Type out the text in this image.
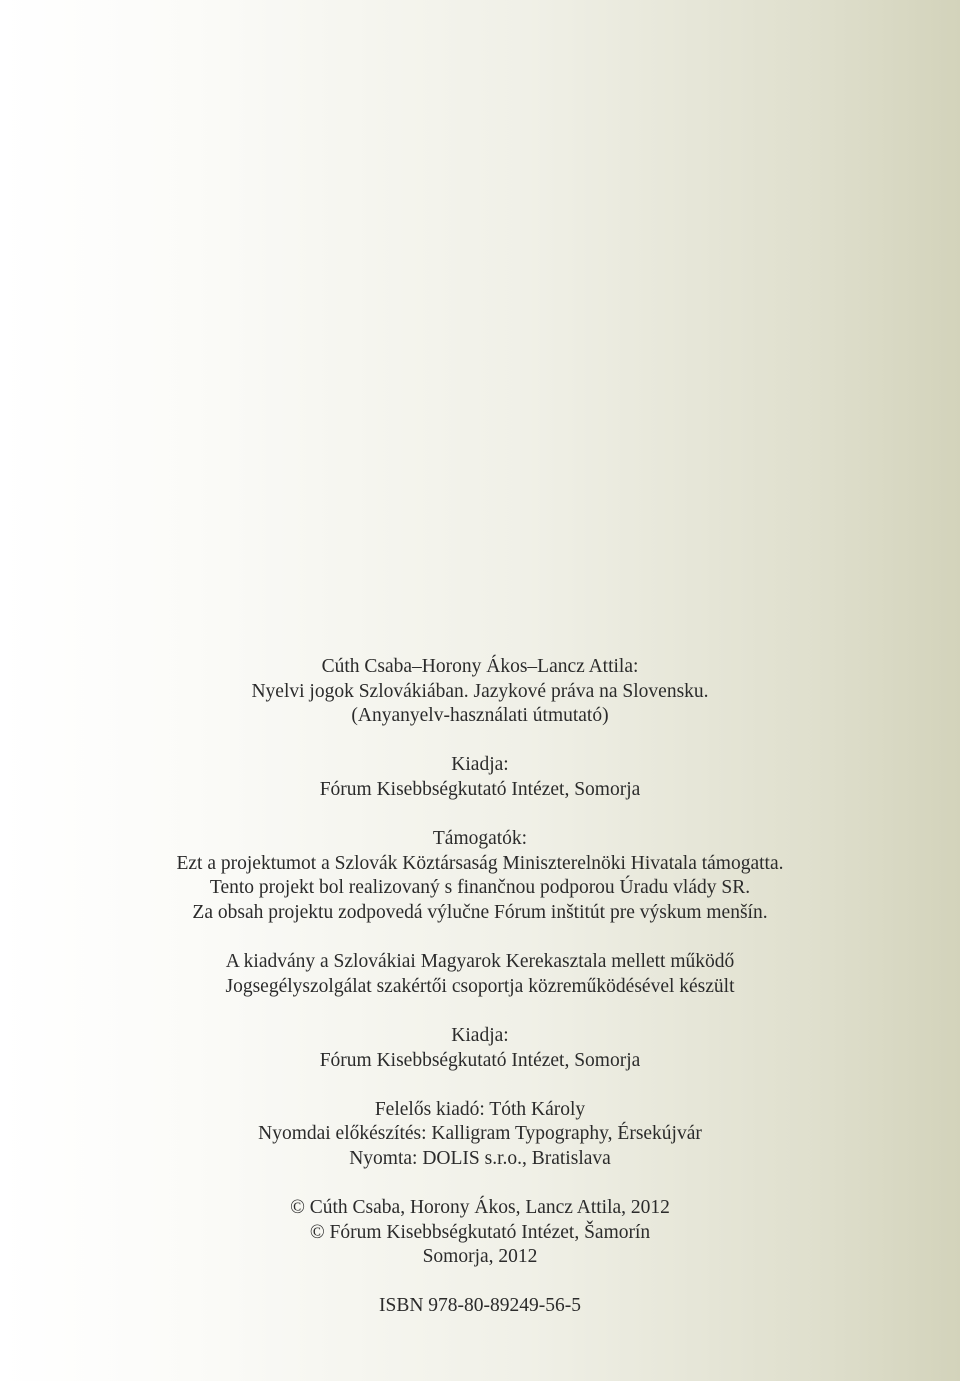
Cúth Csaba–Horony Ákos–Lancz Attila:
Nyelvi jogok Szlovákiában. Jazykové práva na Slovensku.
(Anyanyelv-használati útmutató)
Kiadja:
Fórum Kisebbségkutató Intézet, Somorja
Támogatók:
Ezt a projektumot a Szlovák Köztársaság Miniszterelnöki Hivatala támogatta.
Tento projekt bol realizovaný s finančnou podporou Úradu vlády SR.
Za obsah projektu zodpovedá výlučne Fórum inštitút pre výskum menšín.
A kiadvány a Szlovákiai Magyarok Kerekasztala mellett működő
Jogsegélyszolgálat szakértői csoportja közreműködésével készült
Kiadja:
Fórum Kisebbségkutató Intézet, Somorja
Felelős kiadó: Tóth Károly
Nyomdai előkészítés: Kalligram Typography, Érsekújvár
Nyomta: DOLIS s.r.o., Bratislava
© Cúth Csaba, Horony Ákos, Lancz Attila, 2012
© Fórum Kisebbségkutató Intézet, Šamorín
Somorja, 2012
ISBN 978-80-89249-56-5
